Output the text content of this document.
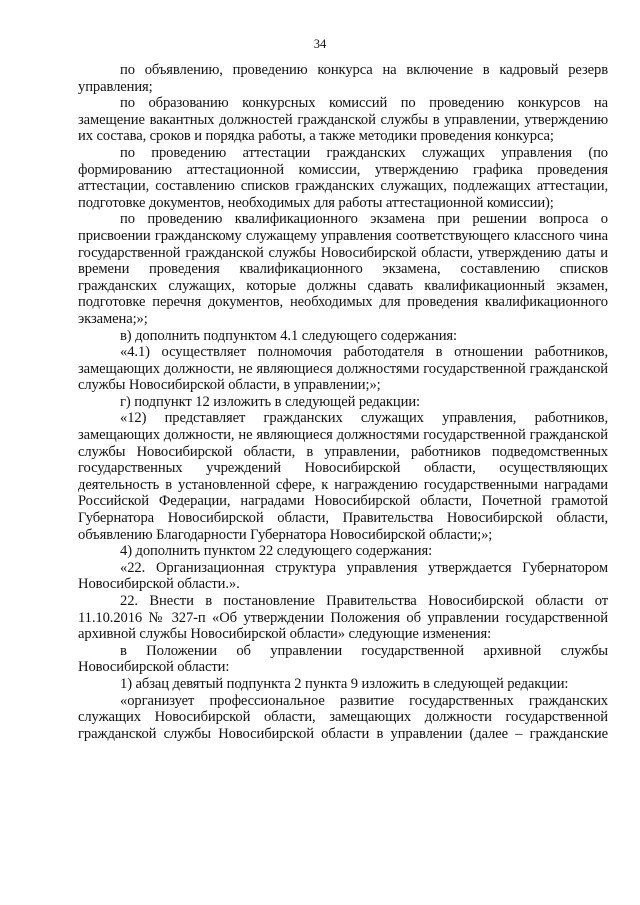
34

по объявлению, проведению конкурса на включение в кадровый резерв управления;

по образованию конкурсных комиссий по проведению конкурсов на замещение вакантных должностей гражданской службы в управлении, утверждению их состава, сроков и порядка работы, а также методики проведения конкурса;

по проведению аттестации гражданских служащих управления (по формированию аттестационной комиссии, утверждению графика проведения аттестации, составлению списков гражданских служащих, подлежащих аттестации, подготовке документов, необходимых для работы аттестационной комиссии);

по проведению квалификационного экзамена при решении вопроса о присвоении гражданскому служащему управления соответствующего классного чина государственной гражданской службы Новосибирской области, утверждению даты и времени проведения квалификационного экзамена, составлению списков гражданских служащих, которые должны сдавать квалификационный экзамен, подготовке перечня документов, необходимых для проведения квалификационного экзамена;»;

в) дополнить подпунктом 4.1 следующего содержания:

«4.1) осуществляет полномочия работодателя в отношении работников, замещающих должности, не являющиеся должностями государственной гражданской службы Новосибирской области, в управлении;»;

г) подпункт 12 изложить в следующей редакции:

«12) представляет гражданских служащих управления, работников, замещающих должности, не являющиеся должностями государственной гражданской службы Новосибирской области, в управлении, работников подведомственных государственных учреждений Новосибирской области, осуществляющих деятельность в установленной сфере, к награждению государственными наградами Российской Федерации, наградами Новосибирской области, Почетной грамотой Губернатора Новосибирской области, Правительства Новосибирской области, объявлению Благодарности Губернатора Новосибирской области;»;

4) дополнить пунктом 22 следующего содержания:

«22. Организационная структура управления утверждается Губернатором Новосибирской области.».

22. Внести в постановление Правительства Новосибирской области от 11.10.2016 № 327-п «Об утверждении Положения об управлении государственной архивной службы Новосибирской области» следующие изменения:

в Положении об управлении государственной архивной службы Новосибирской области:

1) абзац девятый подпункта 2 пункта 9 изложить в следующей редакции:

«организует профессиональное развитие государственных гражданских служащих Новосибирской области, замещающих должности государственной гражданской службы Новосибирской области в управлении (далее – гражданские
